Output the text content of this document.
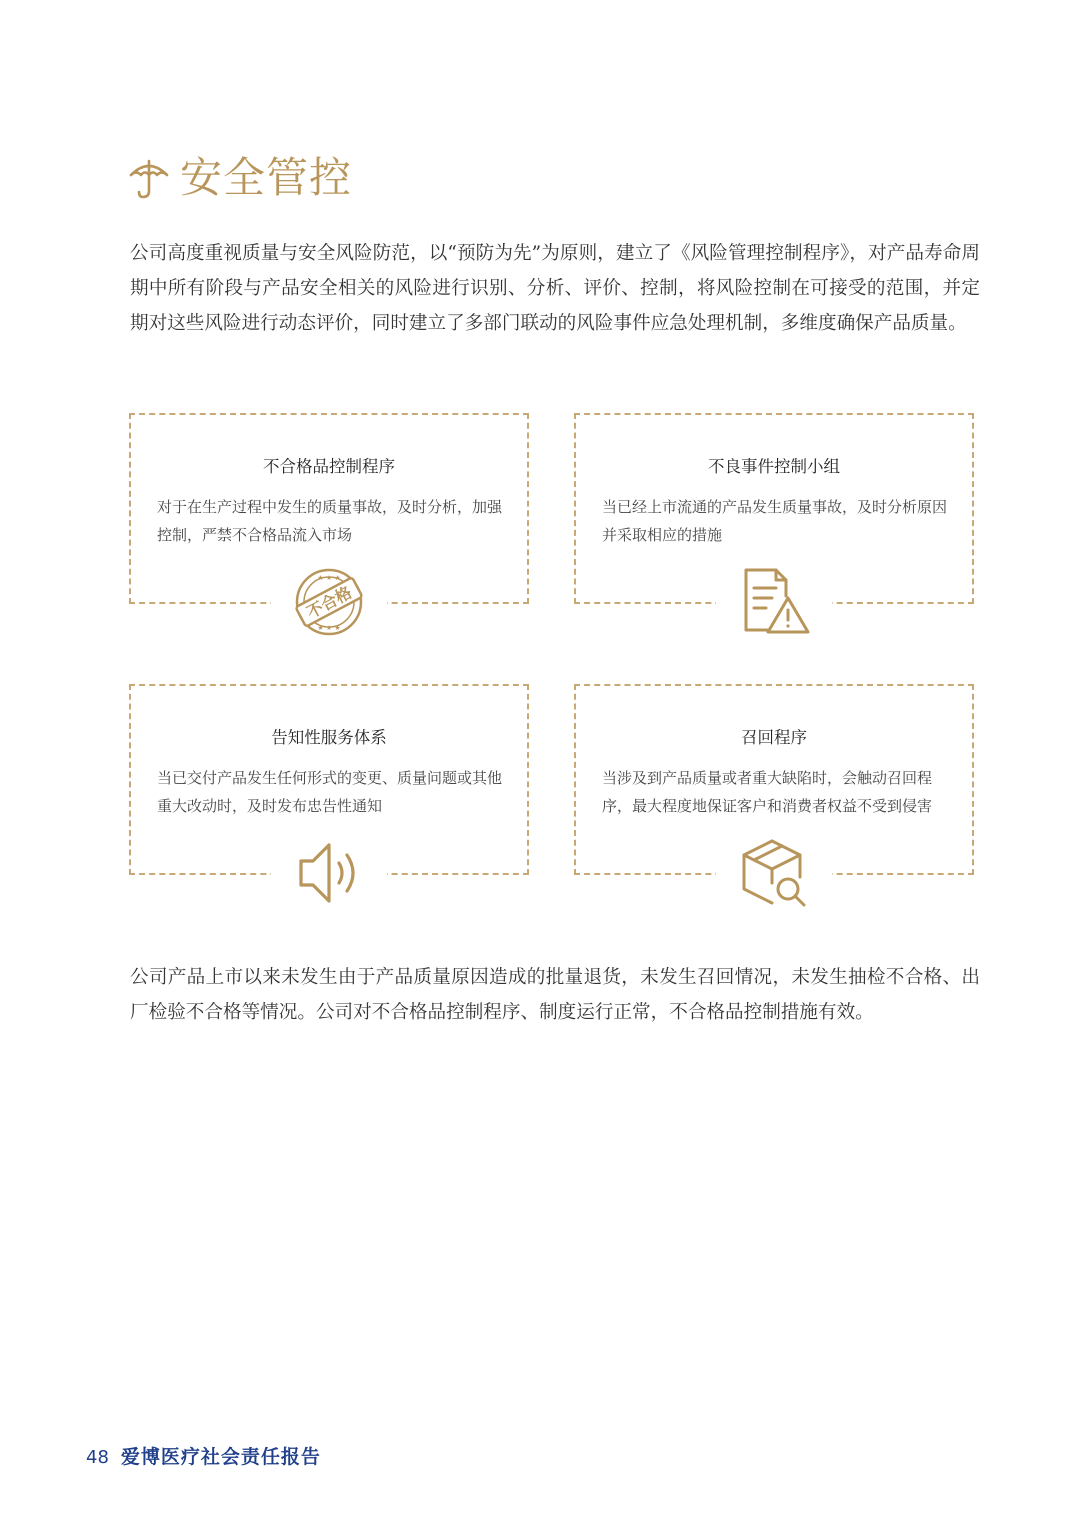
安全管控

公司高度重视质量与安全风险防范，以“预防为先”为原则，建立了《风险管理控制程序》，对产品寿命周期中所有阶段与产品安全相关的风险进行识别、分析、评价、控制，将风险控制在可接受的范围，并定期对这些风险进行动态评价，同时建立了多部门联动的风险事件应急处理机制，多维度确保产品质量。

不合格品控制程序

对于在生产过程中发生的质量事故，及时分析，加强控制，严禁不合格品流入市场

★ ★ ★
★ ★ ★
不合格
不良事件控制小组

当已经上市流通的产品发生质量事故，及时分析原因并采取相应的措施

告知性服务体系

当已交付产品发生任何形式的变更、质量问题或其他重大改动时，及时发布忠告性通知

召回程序

当涉及到产品质量或者重大缺陷时，会触动召回程序，最大程度地保证客户和消费者权益不受到侵害

公司产品上市以来未发生由于产品质量原因造成的批量退货，未发生召回情况，未发生抽检不合格、出厂检验不合格等情况。公司对不合格品控制程序、制度运行正常，不合格品控制措施有效。

48 爱博医疗社会责任报告
